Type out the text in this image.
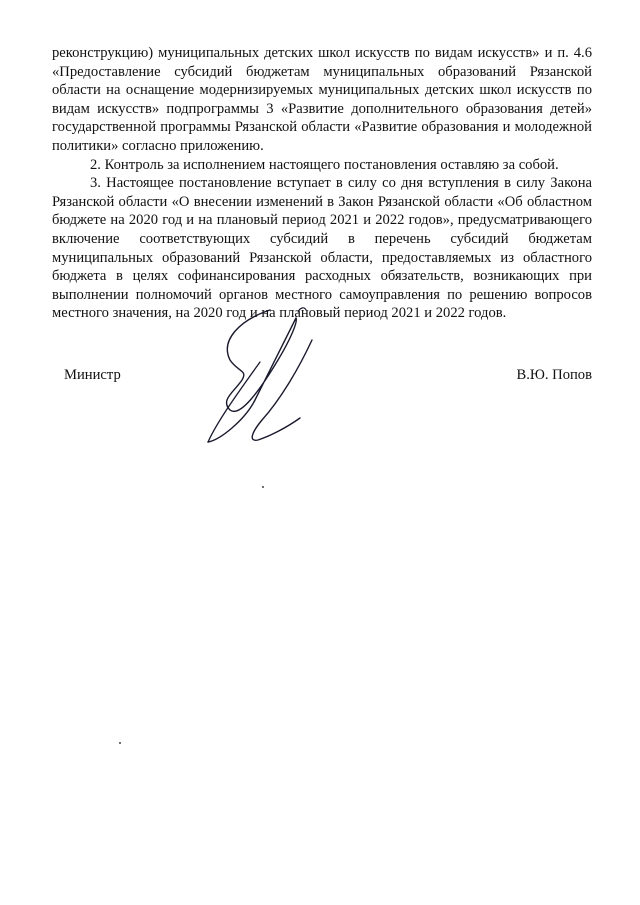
реконструкцию) муниципальных детских школ искусств по видам искусств» и п. 4.6 «Предоставление субсидий бюджетам муниципальных образований Рязанской области на оснащение модернизируемых муниципальных детских школ искусств по видам искусств» подпрограммы 3 «Развитие дополнительного образования детей» государственной программы Рязанской области «Развитие образования и молодежной политики» согласно приложению.

2. Контроль за исполнением настоящего постановления оставляю за собой.

3. Настоящее постановление вступает в силу со дня вступления в силу Закона Рязанской области «О внесении изменений в Закон Рязанской области «Об областном бюджете на 2020 год и на плановый период 2021 и 2022 годов», предусматривающего включение соответствующих субсидий в перечень субсидий бюджетам муниципальных образований Рязанской области, предоставляемых из областного бюджета в целях софинансирования расходных обязательств, возникающих при выполнении полномочий органов местного самоуправления по решению вопросов местного значения, на 2020 год и на плановый период 2021 и 2022 годов.

Министр	В.Ю. Попов
